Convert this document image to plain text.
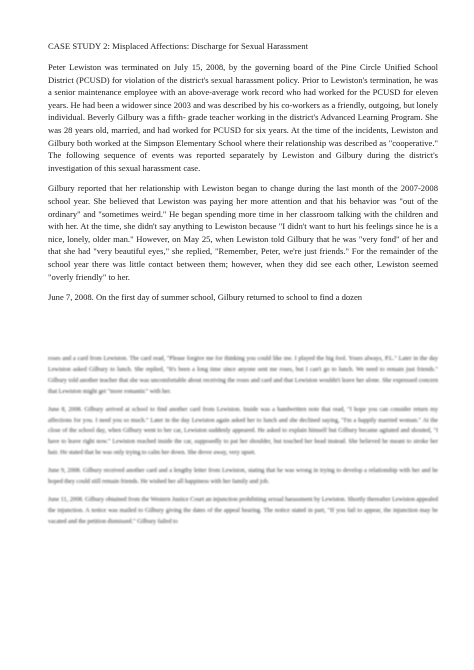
CASE STUDY 2: Misplaced Affections: Discharge for Sexual Harassment

Peter Lewiston was terminated on July 15, 2008, by the governing board of the Pine Circle Unified School District (PCUSD) for violation of the district's sexual harassment policy. Prior to Lewiston's termination, he was a senior maintenance employee with an above-average work record who had worked for the PCUSD for eleven years. He had been a widower since 2003 and was described by his co-workers as a friendly, outgoing, but lonely individual. Beverly Gilbury was a fifth- grade teacher working in the district's Advanced Learning Program. She was 28 years old, married, and had worked for PCUSD for six years. At the time of the incidents, Lewiston and Gilbury both worked at the Simpson Elementary School where their relationship was described as "cooperative." The following sequence of events was reported separately by Lewiston and Gilbury during the district's investigation of this sexual harassment case.

Gilbury reported that her relationship with Lewiston began to change during the last month of the 2007-2008 school year. She believed that Lewiston was paying her more attention and that his behavior was "out of the ordinary" and "sometimes weird." He began spending more time in her classroom talking with the children and with her. At the time, she didn't say anything to Lewiston because "I didn't want to hurt his feelings since he is a nice, lonely, older man." However, on May 25, when Lewiston told Gilbury that he was "very fond" of her and that she had "very beautiful eyes," she replied, "Remember, Peter, we're just friends." For the remainder of the school year there was little contact between them; however, when they did see each other, Lewiston seemed "overly friendly" to her.

June 7, 2008. On the first day of summer school, Gilbury returned to school to find a dozen

roses and a card from Lewiston. The card read, "Please forgive me for thinking you could like me. I played the big fool. Yours always, P.L." Later in the day Lewiston asked Gilbury to lunch. She replied, "It's been a long time since anyone sent me roses, but I can't go to lunch. We need to remain just friends." Gilbury told another teacher that she was uncomfortable about receiving the roses and card and that Lewiston wouldn't leave her alone. She expressed concern that Lewiston might get "more romantic" with her.

June 8, 2008. Gilbury arrived at school to find another card from Lewiston. Inside was a handwritten note that read, "I hope you can consider return my affections for you. I need you so much." Later in the day Lewiston again asked her to lunch and she declined saying, "I'm a happily married woman." At the close of the school day, when Gilbury went to her car, Lewiston suddenly appeared. He asked to explain himself but Gilbury became agitated and shouted, "I have to leave right now." Lewiston reached inside the car, supposedly to pat her shoulder, but touched her head instead. She believed he meant to stroke her hair. He stated that he was only trying to calm her down. She drove away, very upset.

June 9, 2008. Gilbury received another card and a lengthy letter from Lewiston, stating that he was wrong in trying to develop a relationship with her and he hoped they could still remain friends. He wished her all happiness with her family and job.

June 11, 2008. Gilbury obtained from the Western Justice Court an injunction prohibiting sexual harassment by Lewiston. Shortly thereafter Lewiston appealed the injunction. A notice was mailed to Gilbury giving the dates of the appeal hearing. The notice stated in part, "If you fail to appear, the injunction may be vacated and the petition dismissed." Gilbury failed to
